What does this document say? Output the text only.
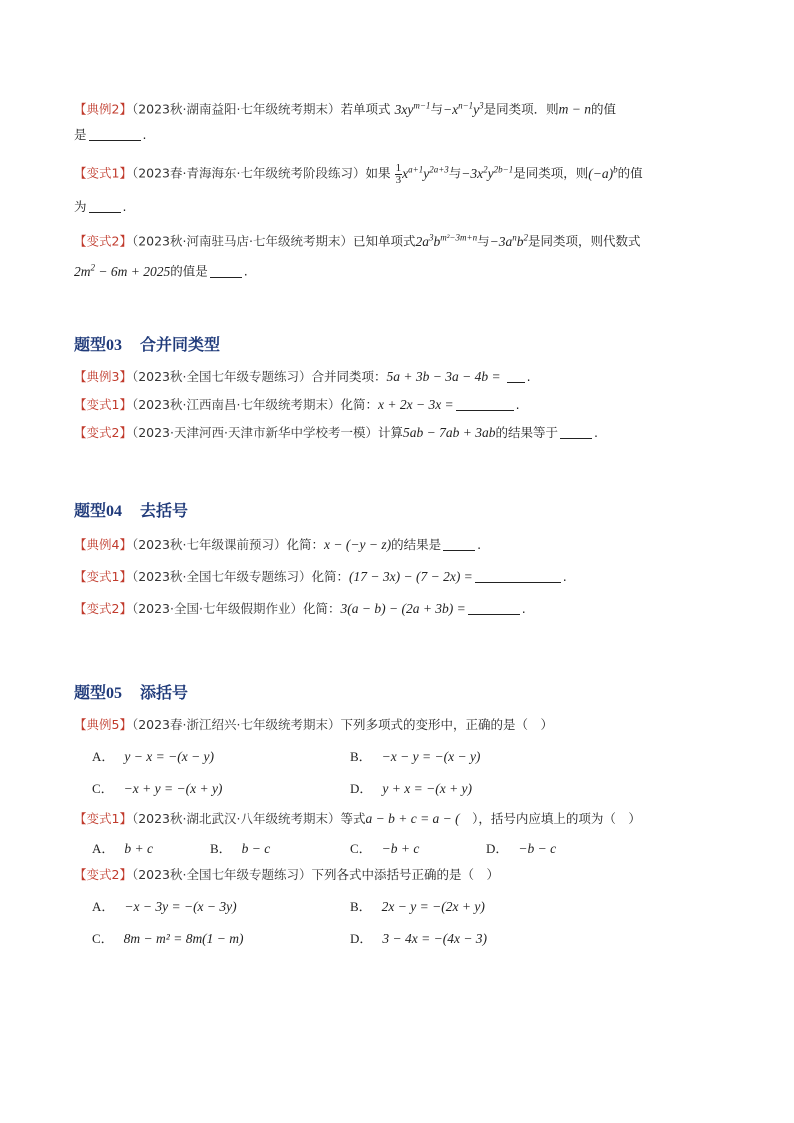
【典例2】（2023秋·湖南益阳·七年级统考期末）若单项式 $3xy^{m-1}$与$-x^{n-1}y^3$是同类项．则m − n的值
是	.
【变式1】（2023春·青海海东·七年级统考阶段练习）如果 $\frac{1}{3} x^{a+1}y^{2a+3}$与$-3x^2y^{2b-1}$是同类项，则$(-a)^b$的值
为	.
【变式2】（2023秋·河南驻马店·七年级统考期末）已知单项式$2a^3b^{m^2-3m+n}$与$-3a^nb^2$是同类项，则代数式
$2m^2 - 6m + 2025$的值是	.
题型03 合并同类型
【典例3】（2023秋·全国七年级专题练习）合并同类项：5a + 3b − 3a − 4b = .
【变式1】（2023秋·江西南昌·七年级统考期末）化简：x + 2x − 3x =	.
【变式2】（2023·天津河西·天津市新华中学校考一模）计算5ab − 7ab + 3ab的结果等于	.
题型04 去括号
【典例4】（2023秋·七年级课前预习）化简：x − (−y − z)的结果是	.
【变式1】（2023秋·全国七年级专题练习）化简：(17 − 3x) − (7 − 2x) =	.
【变式2】（2023·全国·七年级假期作业）化简：3(a − b) − (2a + 3b) =	.
题型05 添括号
【典例5】（2023春·浙江绍兴·七年级统考期末）下列多项式的变形中，正确的是（　）
A． y − x = −(x − y)	B． −x − y = −(x − y)
C． −x + y = −(x + y)	D． y + x = −(x + y)
【变式1】（2023秋·湖北武汉·八年级统考期末）等式a − b + c = a − (　），括号内应填上的项为（　）
A． b + c	B． b − c	C． −b + c	D． −b − c
【变式2】（2023秋·全国七年级专题练习）下列各式中添括号正确的是（　）
A． −x − 3y = −(x − 3y)	B． 2x − y = −(2x + y)
C． 8m − m² = 8m(1 − m)	D． 3 − 4x = −(4x − 3)
